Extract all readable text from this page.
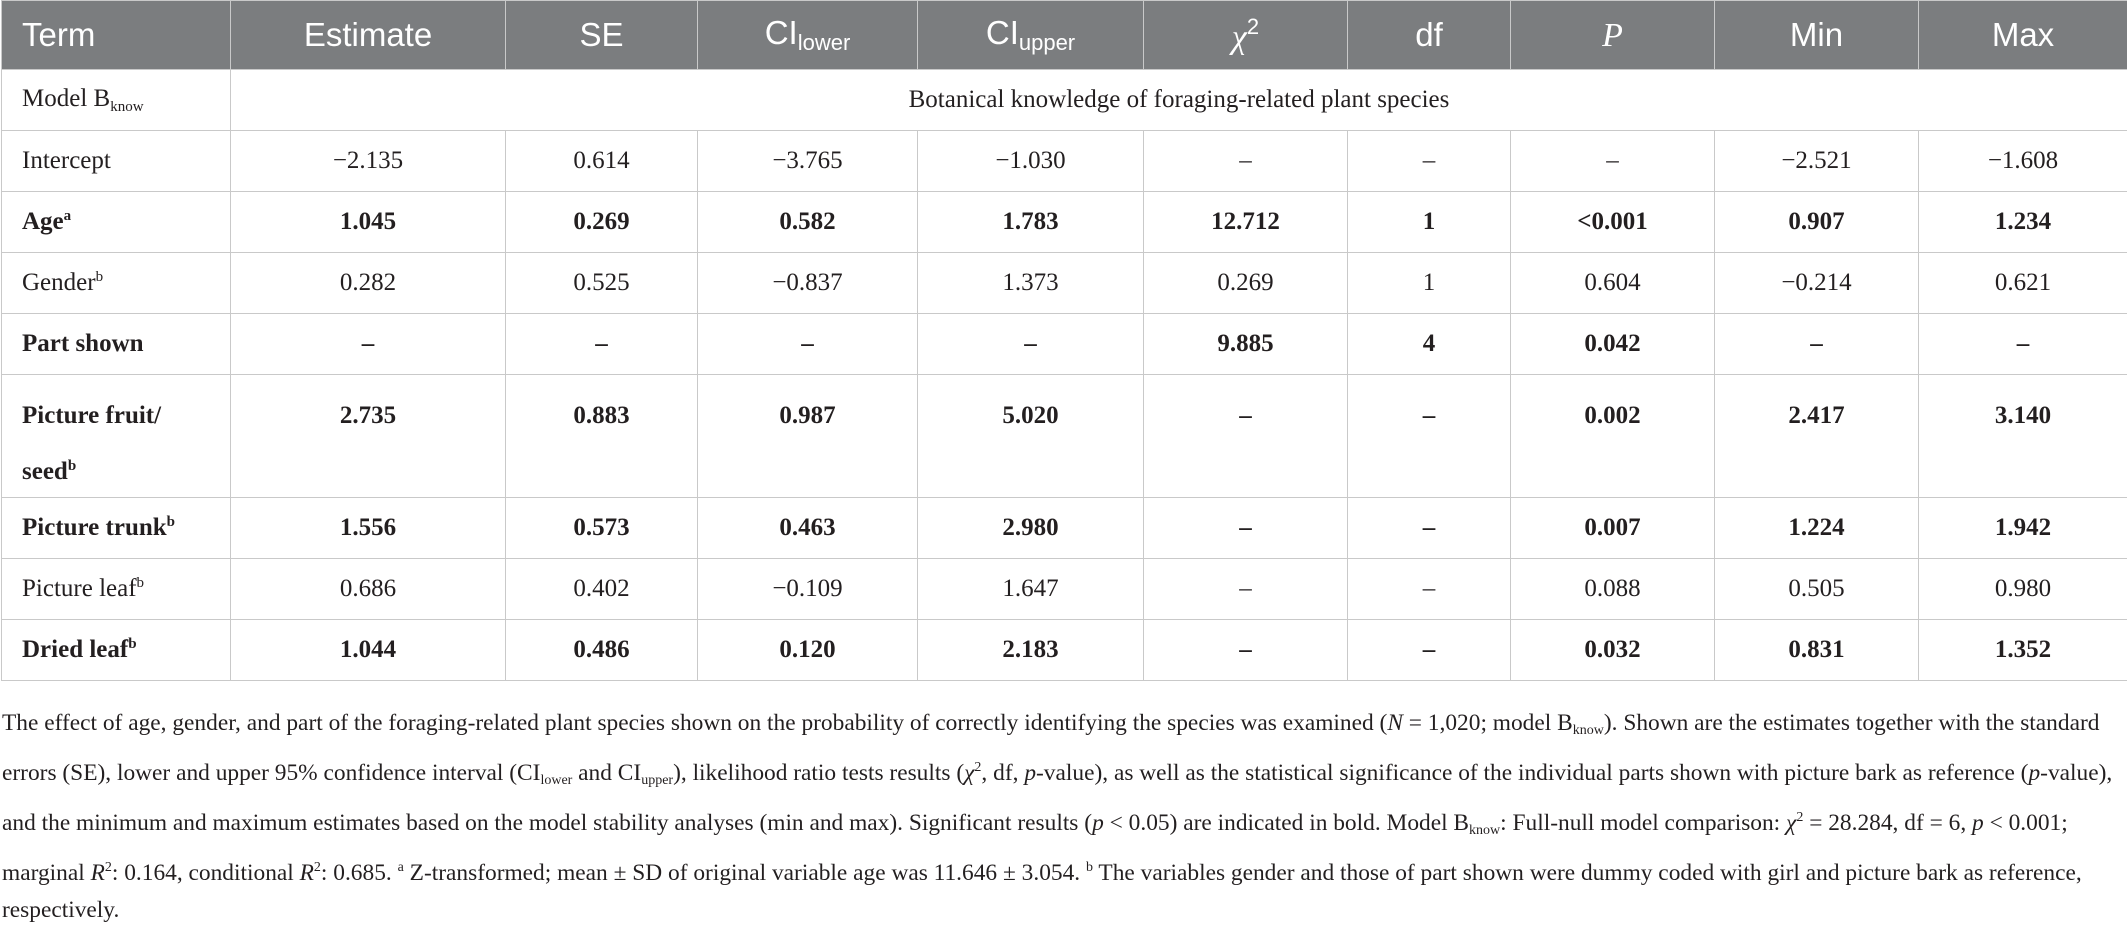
Term	Estimate	SE	$CI_{lower}$	$CI_{upper}$	$\chi^2$	df	P	Min	Max
Model $B_{know}$	Botanical knowledge of foraging-related plant species								
Intercept	−2.135	0.614	−3.765	−1.030	–	–	–	−2.521	−1.608
Age$^a$	1.045	0.269	0.582	1.783	12.712	1	<0.001	0.907	1.234
Gender$^b$	0.282	0.525	−0.837	1.373	0.269	1	0.604	−0.214	0.621
Part shown	–	–	–	–	9.885	4	0.042	–	–
Picture fruit/
seed$^b$	2.735	0.883	0.987	5.020	–	–	0.002	2.417	3.140
Picture trunk$^b$	1.556	0.573	0.463	2.980	–	–	0.007	1.224	1.942
Picture leaf$^b$	0.686	0.402	−0.109	1.647	–	–	0.088	0.505	0.980
Dried leaf$^b$	1.044	0.486	0.120	2.183	–	–	0.032	0.831	1.352

The effect of age, gender, and part of the foraging-related plant species shown on the probability of correctly identifying the species was examined (N = 1,020; model $B_{know}$). Shown are the estimates together with the standard errors (SE), lower and upper 95% confidence interval ($CI_{lower}$ and $CI_{upper}$), likelihood ratio tests results ($\chi^2$, df, p-value), as well as the statistical significance of the individual parts shown with picture bark as reference (p-value), and the minimum and maximum estimates based on the model stability analyses (min and max). Significant results (p < 0.05) are indicated in bold. Model $B_{know}$: Full-null model comparison: $\chi^2 = 28.284$, df = 6, p < 0.001; marginal $R^2$: 0.164, conditional $R^2$: 0.685. $^a$ Z-transformed; mean ± SD of original variable age was 11.646 ± 3.054. $^b$ The variables gender and those of part shown were dummy coded with girl and picture bark as reference, respectively.
